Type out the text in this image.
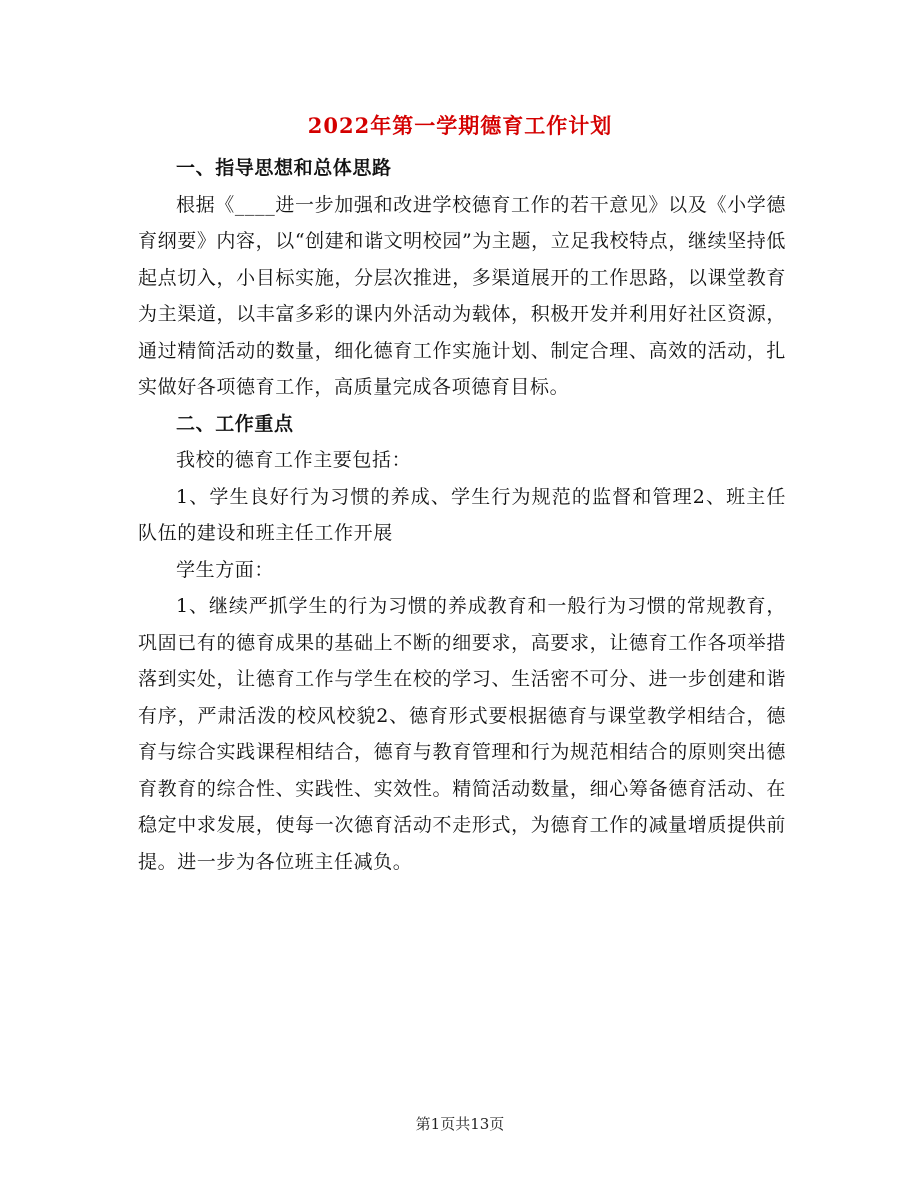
2022年第一学期德育工作计划

一、指导思想和总体思路

根据《____进一步加强和改进学校德育工作的若干意见》以及《小学德育纲要》内容，以“创建和谐文明校园”为主题，立足我校特点，继续坚持低起点切入，小目标实施，分层次推进，多渠道展开的工作思路，以课堂教育为主渠道，以丰富多彩的课内外活动为载体，积极开发并利用好社区资源，通过精简活动的数量，细化德育工作实施计划、制定合理、高效的活动，扎实做好各项德育工作，高质量完成各项德育目标。

二、工作重点

我校的德育工作主要包括：

1、学生良好行为习惯的养成、学生行为规范的监督和管理2、班主任队伍的建设和班主任工作开展

学生方面：

1、继续严抓学生的行为习惯的养成教育和一般行为习惯的常规教育，巩固已有的德育成果的基础上不断的细要求，高要求，让德育工作各项举措落到实处，让德育工作与学生在校的学习、生活密不可分、进一步创建和谐有序，严肃活泼的校风校貌2、德育形式要根据德育与课堂教学相结合，德育与综合实践课程相结合，德育与教育管理和行为规范相结合的原则突出德育教育的综合性、实践性、实效性。精简活动数量，细心筹备德育活动、在稳定中求发展，使每一次德育活动不走形式，为德育工作的减量增质提供前提。进一步为各位班主任减负。

第1页共13页
